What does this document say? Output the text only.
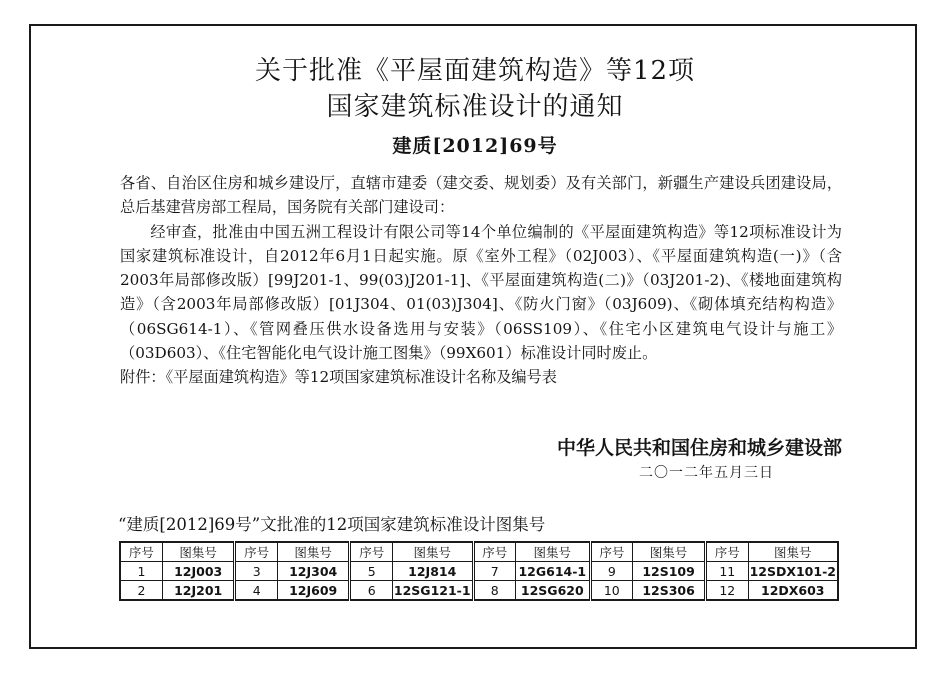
关于批准《平屋面建筑构造》等12项
国家建筑标准设计的通知
建质[2012]69号

各省、自治区住房和城乡建设厅，直辖市建委（建交委、规划委）及有关部门，新疆生产建设兵团建设局，总后基建营房部工程局，国务院有关部门建设司：

经审查，批准由中国五洲工程设计有限公司等14个单位编制的《平屋面建筑构造》等12项标准设计为国家建筑标准设计，自2012年6月1日起实施。原《室外工程》（02J003）、《平屋面建筑构造(一)》（含2003年局部修改版）[99J201-1、99(03)J201-1]、《平屋面建筑构造(二)》（03J201-2)、《楼地面建筑构造》（含2003年局部修改版）[01J304、01(03)J304]、《防火门窗》（03J609)、《砌体填充结构构造》（06SG614-1）、《管网叠压供水设备选用与安装》（06SS109）、《住宅小区建筑电气设计与施工》（03D603）、《住宅智能化电气设计施工图集》（99X601）标准设计同时废止。

附件：《平屋面建筑构造》等12项国家建筑标准设计名称及编号表

中华人民共和国住房和城乡建设部
二〇一二年五月三日
“建质[2012]69号”文批准的12项国家建筑标准设计图集号
序号	图集号	序号	图集号	序号	图集号	序号	图集号	序号	图集号	序号	图集号
1	12J003	3	12J304	5	12J814	7	12G614-1	9	12S109	11	12SDX101-2
2	12J201	4	12J609	6	12SG121-1	8	12SG620	10	12S306	12	12DX603
